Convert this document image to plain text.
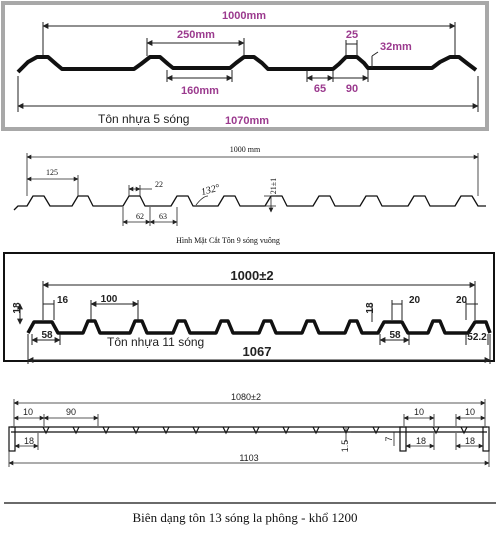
1000mm
250mm	25
32mm
160mm	65 90
1070mm
Tôn nhựa 5 sóng
1000 mm
125
22	132°	21±1
62 63
Hình Mặt Cắt Tôn 9 sóng vuông
1000±2
18
16	100
58
18
20	20
58	52.2
1067
Tôn nhựa 11 sóng
1080±2
10	90	10	10
18	1.5
7 18	18
1103
Biên dạng tôn 13 sóng la phông - khổ 1200
